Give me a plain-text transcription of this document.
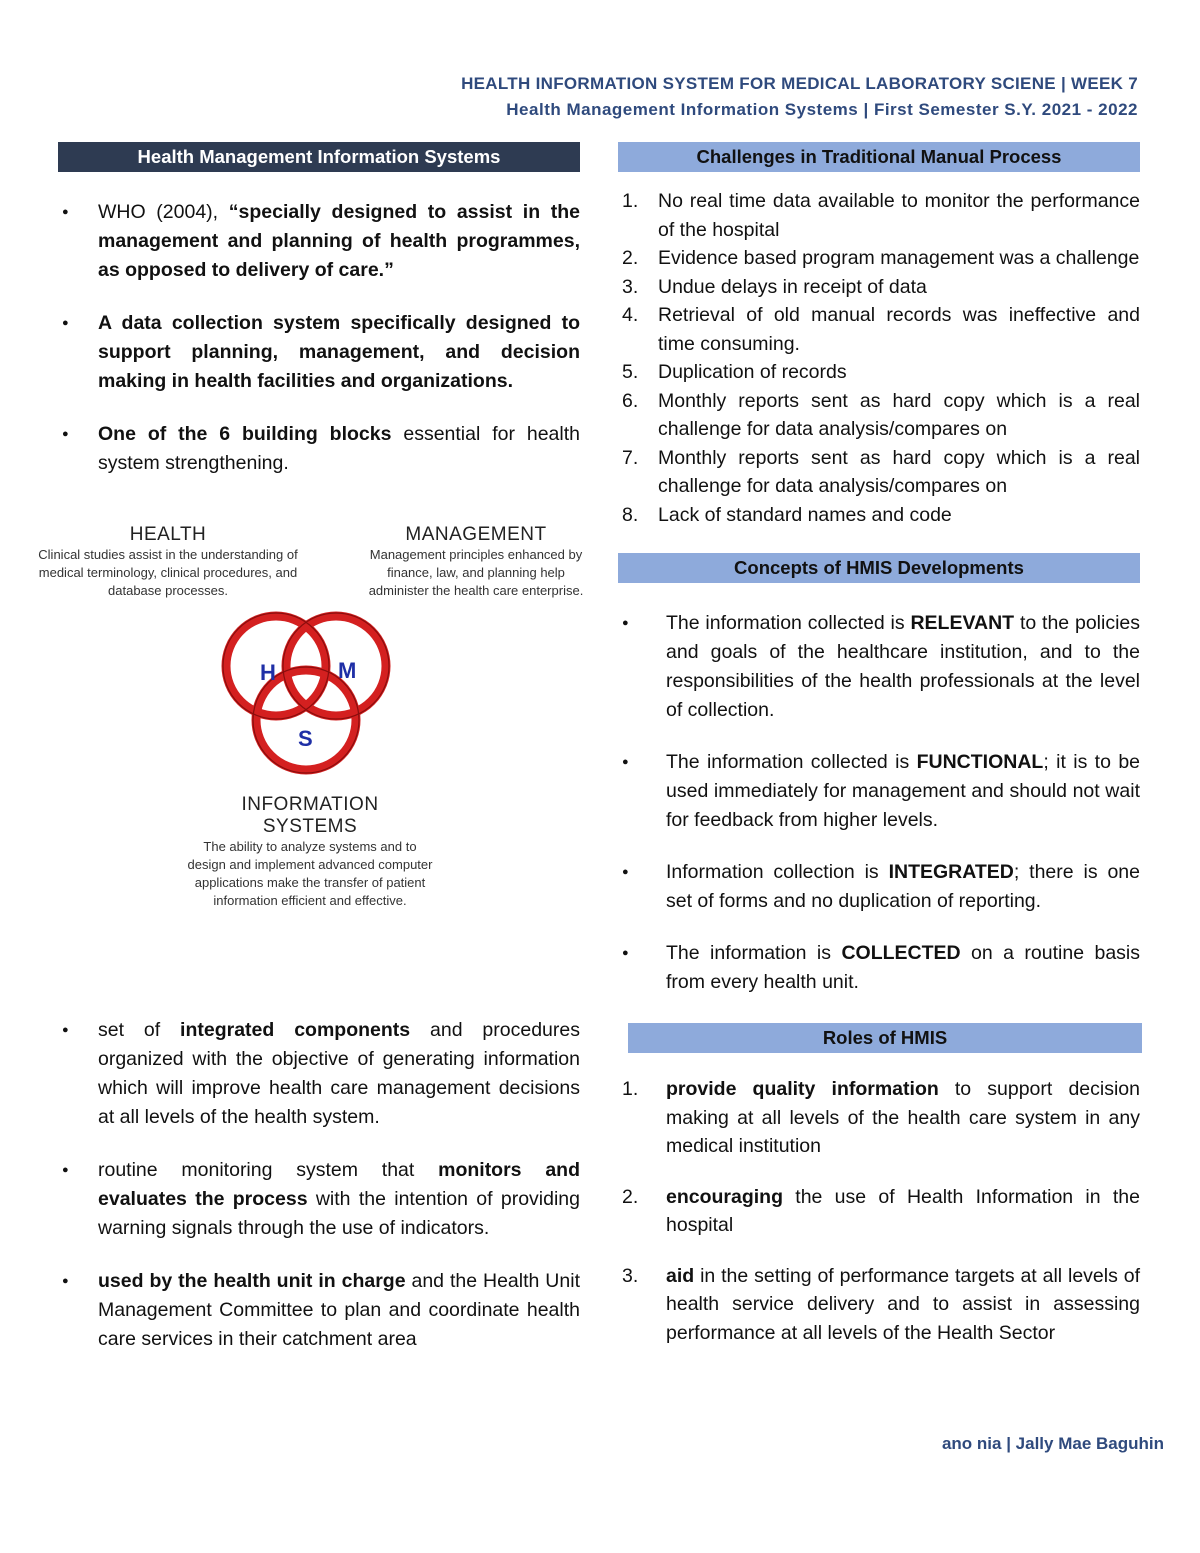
HEALTH INFORMATION SYSTEM FOR MEDICAL LABORATORY SCIENE | WEEK 7
Health Management Information Systems | First Semester S.Y. 2021 - 2022
Health Management Information Systems
● WHO (2004), “specially designed to assist in the management and planning of health programmes, as opposed to delivery of care.”
● A data collection system specifically designed to support planning, management, and decision making in health facilities and organizations.
● One of the 6 building blocks essential for health system strengthening.
HEALTH
Clinical studies assist in the understanding of medical terminology, clinical procedures, and database processes.
MANAGEMENT
Management principles enhanced by finance, law, and planning help administer the health care enterprise.
H	M
S
INFORMATION SYSTEMS
The ability to analyze systems and to design and implement advanced computer applications make the transfer of patient information efficient and effective.
● set of integrated components and procedures organized with the objective of generating information which will improve health care management decisions at all levels of the health system.
● routine monitoring system that monitors and evaluates the process with the intention of providing warning signals through the use of indicators.
● used by the health unit in charge and the Health Unit Management Committee to plan and coordinate health care services in their catchment area
Challenges in Traditional Manual Process
1. No real time data available to monitor the performance of the hospital
2. Evidence based program management was a challenge
3. Undue delays in receipt of data
4. Retrieval of old manual records was ineffective and time consuming.
5. Duplication of records
6. Monthly reports sent as hard copy which is a real challenge for data analysis/compares on
7. Monthly reports sent as hard copy which is a real challenge for data analysis/compares on
8. Lack of standard names and code
Concepts of HMIS Developments
● The information collected is RELEVANT to the policies and goals of the healthcare institution, and to the responsibilities of the health professionals at the level of collection.
● The information collected is FUNCTIONAL; it is to be used immediately for management and should not wait for feedback from higher levels.
● Information collection is INTEGRATED; there is one set of forms and no duplication of reporting.
● The information is COLLECTED on a routine basis from every health unit.
Roles of HMIS
1. provide quality information to support decision making at all levels of the health care system in any medical institution
2. encouraging the use of Health Information in the hospital
3. aid in the setting of performance targets at all levels of health service delivery and to assist in assessing performance at all levels of the Health Sector
ano nia | Jally Mae Baguhin
